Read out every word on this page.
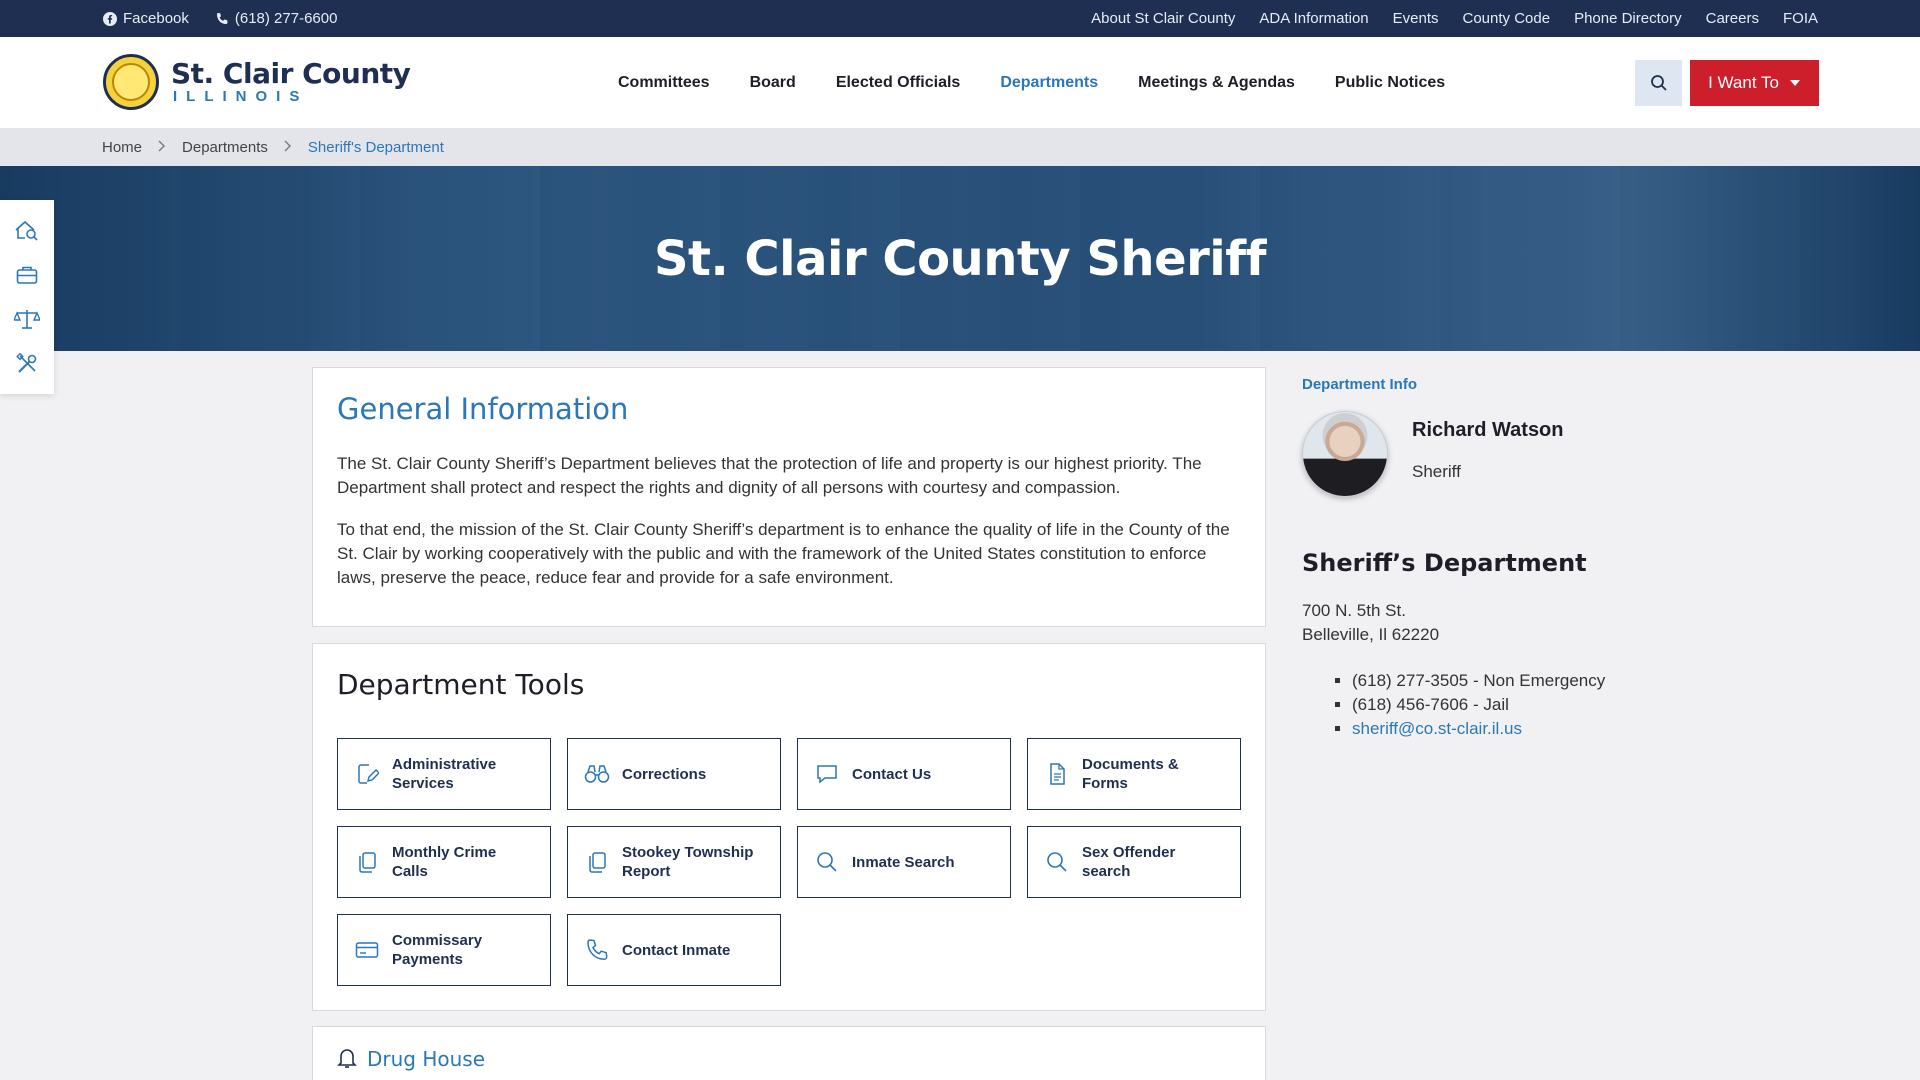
Facebook	(618) 277-6600	About St Clair County ADA Information Events County Code Phone Directory Careers FOIA
St. Clair County
ILLINOIS
Committees	Board	Elected Officials	Departments	Meetings & Agendas	Public Notices	I Want To
Home	Departments	Sheriff's Department
St. Clair County Sheriff
General Information

The St. Clair County Sheriff’s Department believes that the protection of life and property is our highest priority. The Department shall protect and respect the rights and dignity of all persons with courtesy and compassion.

To that end, the mission of the St. Clair County Sheriff’s department is to enhance the quality of life in the County of the St. Clair by working cooperatively with the public and with the framework of the United States constitution to enforce laws, preserve the peace, reduce fear and provide for a safe environment.

Department Tools
Administrative Services
Corrections	Contact Us
Documents & Forms
Monthly Crime Calls
Stookey Township Report
Inmate Search
Sex Offender search
Commissary Payments
Contact Inmate
Drug House
Department Info
Richard Watson
Sheriff
Sheriff’s Department
700 N. 5th St.
Belleville, Il 62220
▪ (618) 277-3505 - Non Emergency
▪ (618) 456-7606 - Jail
▪ sheriff@co.st-clair.il.us
